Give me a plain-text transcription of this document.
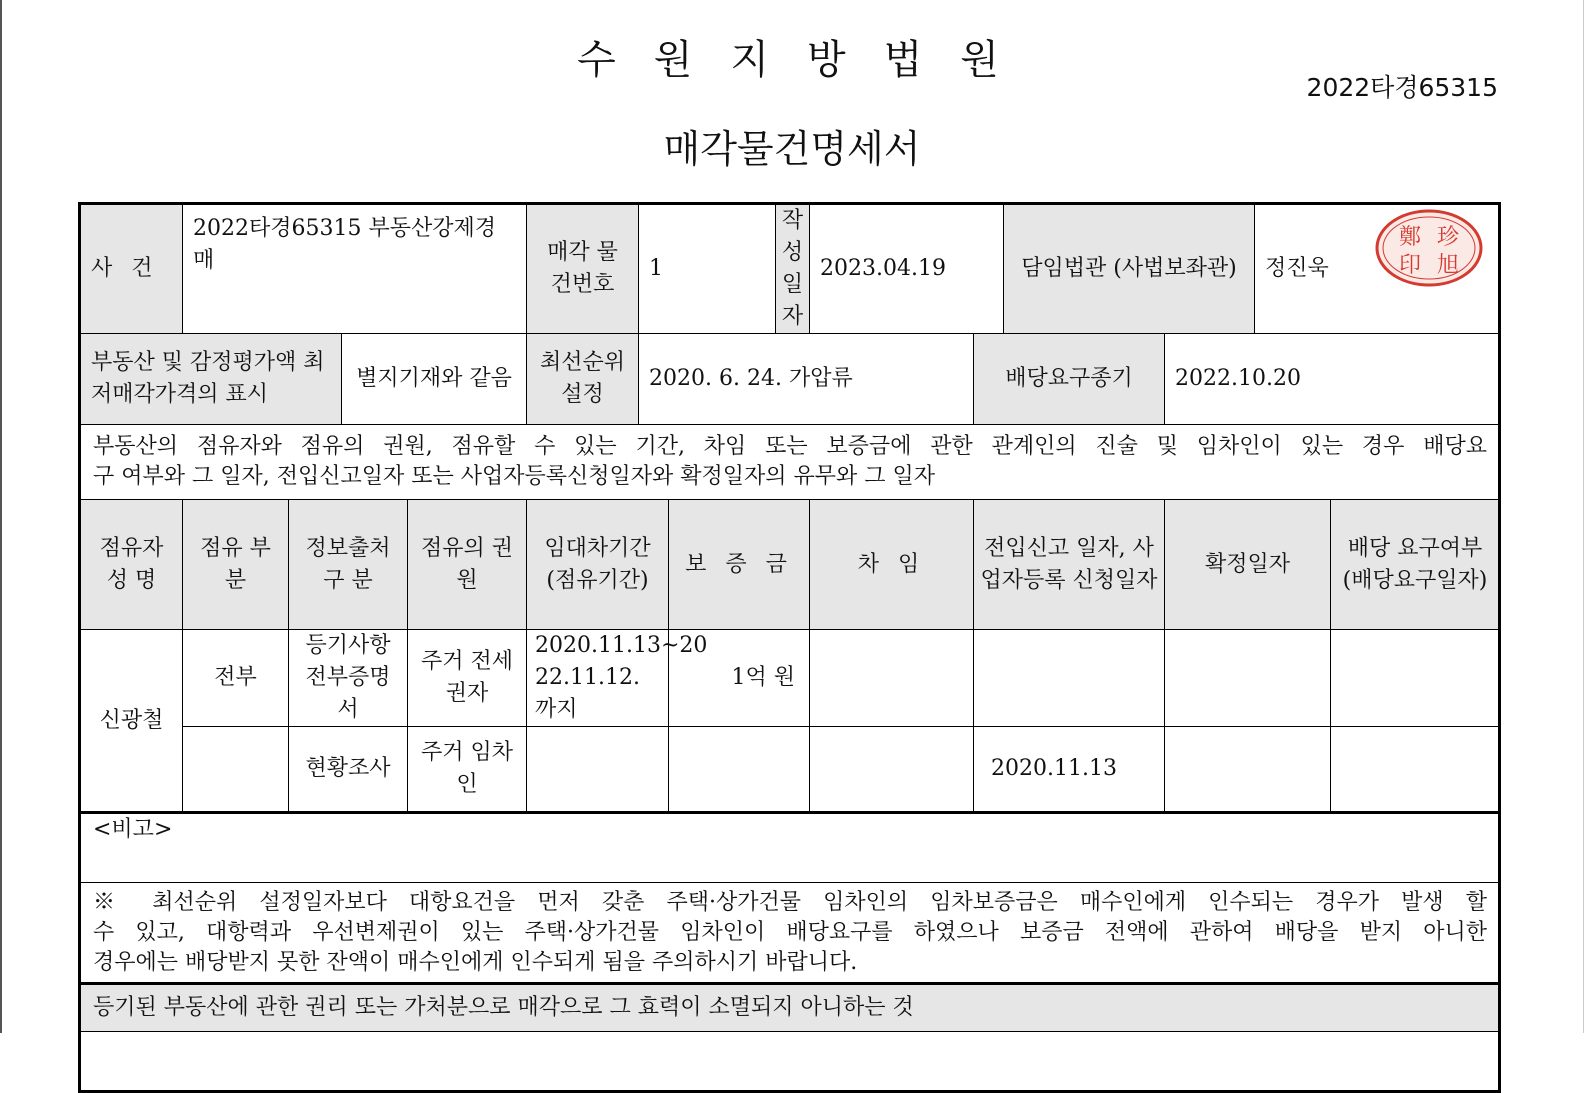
수원지방법원
2022타경65315
매각물건명세서
사 건	2022타경65315 부동산강제경매				매각 물건번호	1		작성 일자	2023.04.19		담임법관 (사법보좌관)		정진욱	
부동산 및 감정평가액 최저매각가격의 표시			별지기재와 같음		최선순위 설정	2020. 6. 24. 가압류				배당요구종기		2022.10.20		

부동산의 점유자와 점유의 권원, 점유할 수 있는 기간, 차임 또는 보증금에 관한 관계인의 진술 및 임차인이 있는 경우 배당요
구 여부와 그 일자, 전입신고일자 또는 사업자등록신청일자와 확정일자의 유무와 그 일자														

점유자 성 명	점유 부분	정보출처 구 분		점유의 권 원	임대차기간 (점유기간)		보 증 금		차 임	전입신고 일자, 사업자등록 신청일자		확정일자		배당 요구여부 (배당요구일자)
신광철	전부	등기사항 전부증명 서		주거 전세권자	2020.11.13~20 22.11.12.까지		1억 원							
		현황조사		주거 임차인						2020.11.13				

<비고>														

※ 최선순위 설정일자보다 대항요건을 먼저 갖춘 주택·상가건물 임차인의 임차보증금은 매수인에게 인수되는 경우가 발생 할
수 있고, 대항력과 우선변제권이 있는 주택·상가건물 임차인이 배당요구를 하였으나 보증금 전액에 관하여 배당을 받지 아니한
경우에는 배당받지 못한 잔액이 매수인에게 인수되게 됨을 주의하시기 바랍니다.														

등기된 부동산에 관한 권리 또는 가처분으로 매각으로 그 효력이 소멸되지 아니하는 것														

鄭 珍
印 旭
